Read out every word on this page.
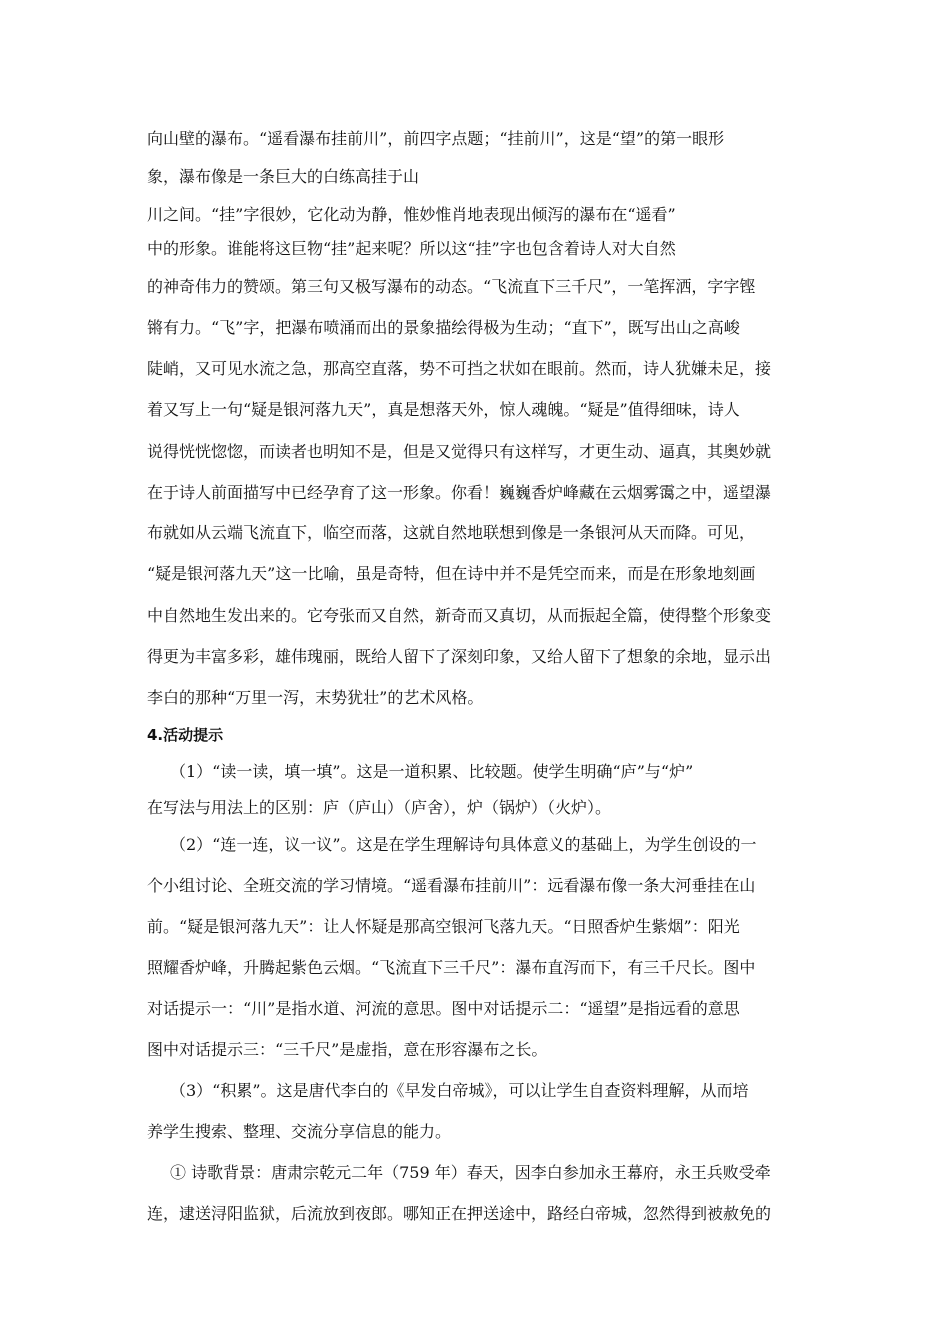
向山壁的瀑布。“遥看瀑布挂前川”，前四字点题；“挂前川”，这是“望”的第一眼形

象，瀑布像是一条巨大的白练高挂于山

川之间。“挂”字很妙，它化动为静，惟妙惟肖地表现出倾泻的瀑布在“遥看”

中的形象。谁能将这巨物“挂”起来呢？所以这“挂”字也包含着诗人对大自然

的神奇伟力的赞颂。第三句又极写瀑布的动态。“飞流直下三千尺”，一笔挥洒，字字铿

锵有力。“飞”字，把瀑布喷涌而出的景象描绘得极为生动；“直下”，既写出山之高峻

陡峭，又可见水流之急，那高空直落，势不可挡之状如在眼前。然而，诗人犹嫌未足，接

着又写上一句“疑是银河落九天”，真是想落天外，惊人魂魄。“疑是”值得细味，诗人

说得恍恍惚惚，而读者也明知不是，但是又觉得只有这样写，才更生动、逼真，其奥妙就

在于诗人前面描写中已经孕育了这一形象。你看！巍巍香炉峰藏在云烟雾霭之中，遥望瀑

布就如从云端飞流直下，临空而落，这就自然地联想到像是一条银河从天而降。可见，

“疑是银河落九天”这一比喻，虽是奇特，但在诗中并不是凭空而来，而是在形象地刻画

中自然地生发出来的。它夸张而又自然，新奇而又真切，从而振起全篇，使得整个形象变

得更为丰富多彩，雄伟瑰丽，既给人留下了深刻印象，又给人留下了想象的余地，显示出

李白的那种“万里一泻，末势犹壮”的艺术风格。

4.活动提示

（1）“读一读，填一填”。这是一道积累、比较题。使学生明确“庐”与“炉”

在写法与用法上的区别：庐（庐山）（庐舍），炉（锅炉）（火炉）。

（2）“连一连，议一议”。这是在学生理解诗句具体意义的基础上，为学生创设的一

个小组讨论、全班交流的学习情境。“遥看瀑布挂前川”：远看瀑布像一条大河垂挂在山

前。“疑是银河落九天”：让人怀疑是那高空银河飞落九天。“日照香炉生紫烟”：阳光

照耀香炉峰，升腾起紫色云烟。“飞流直下三千尺”：瀑布直泻而下，有三千尺长。图中

对话提示一：“川”是指水道、河流的意思。图中对话提示二：“遥望”是指远看的意思

图中对话提示三：“三千尺”是虚指，意在形容瀑布之长。

（3）“积累”。这是唐代李白的《早发白帝城》，可以让学生自查资料理解，从而培

养学生搜索、整理、交流分享信息的能力。

① 诗歌背景：唐肃宗乾元二年（759 年）春天，因李白参加永王幕府，永王兵败受牵

连，逮送浔阳监狱，后流放到夜郎。哪知正在押送途中，路经白帝城，忽然得到被赦免的
